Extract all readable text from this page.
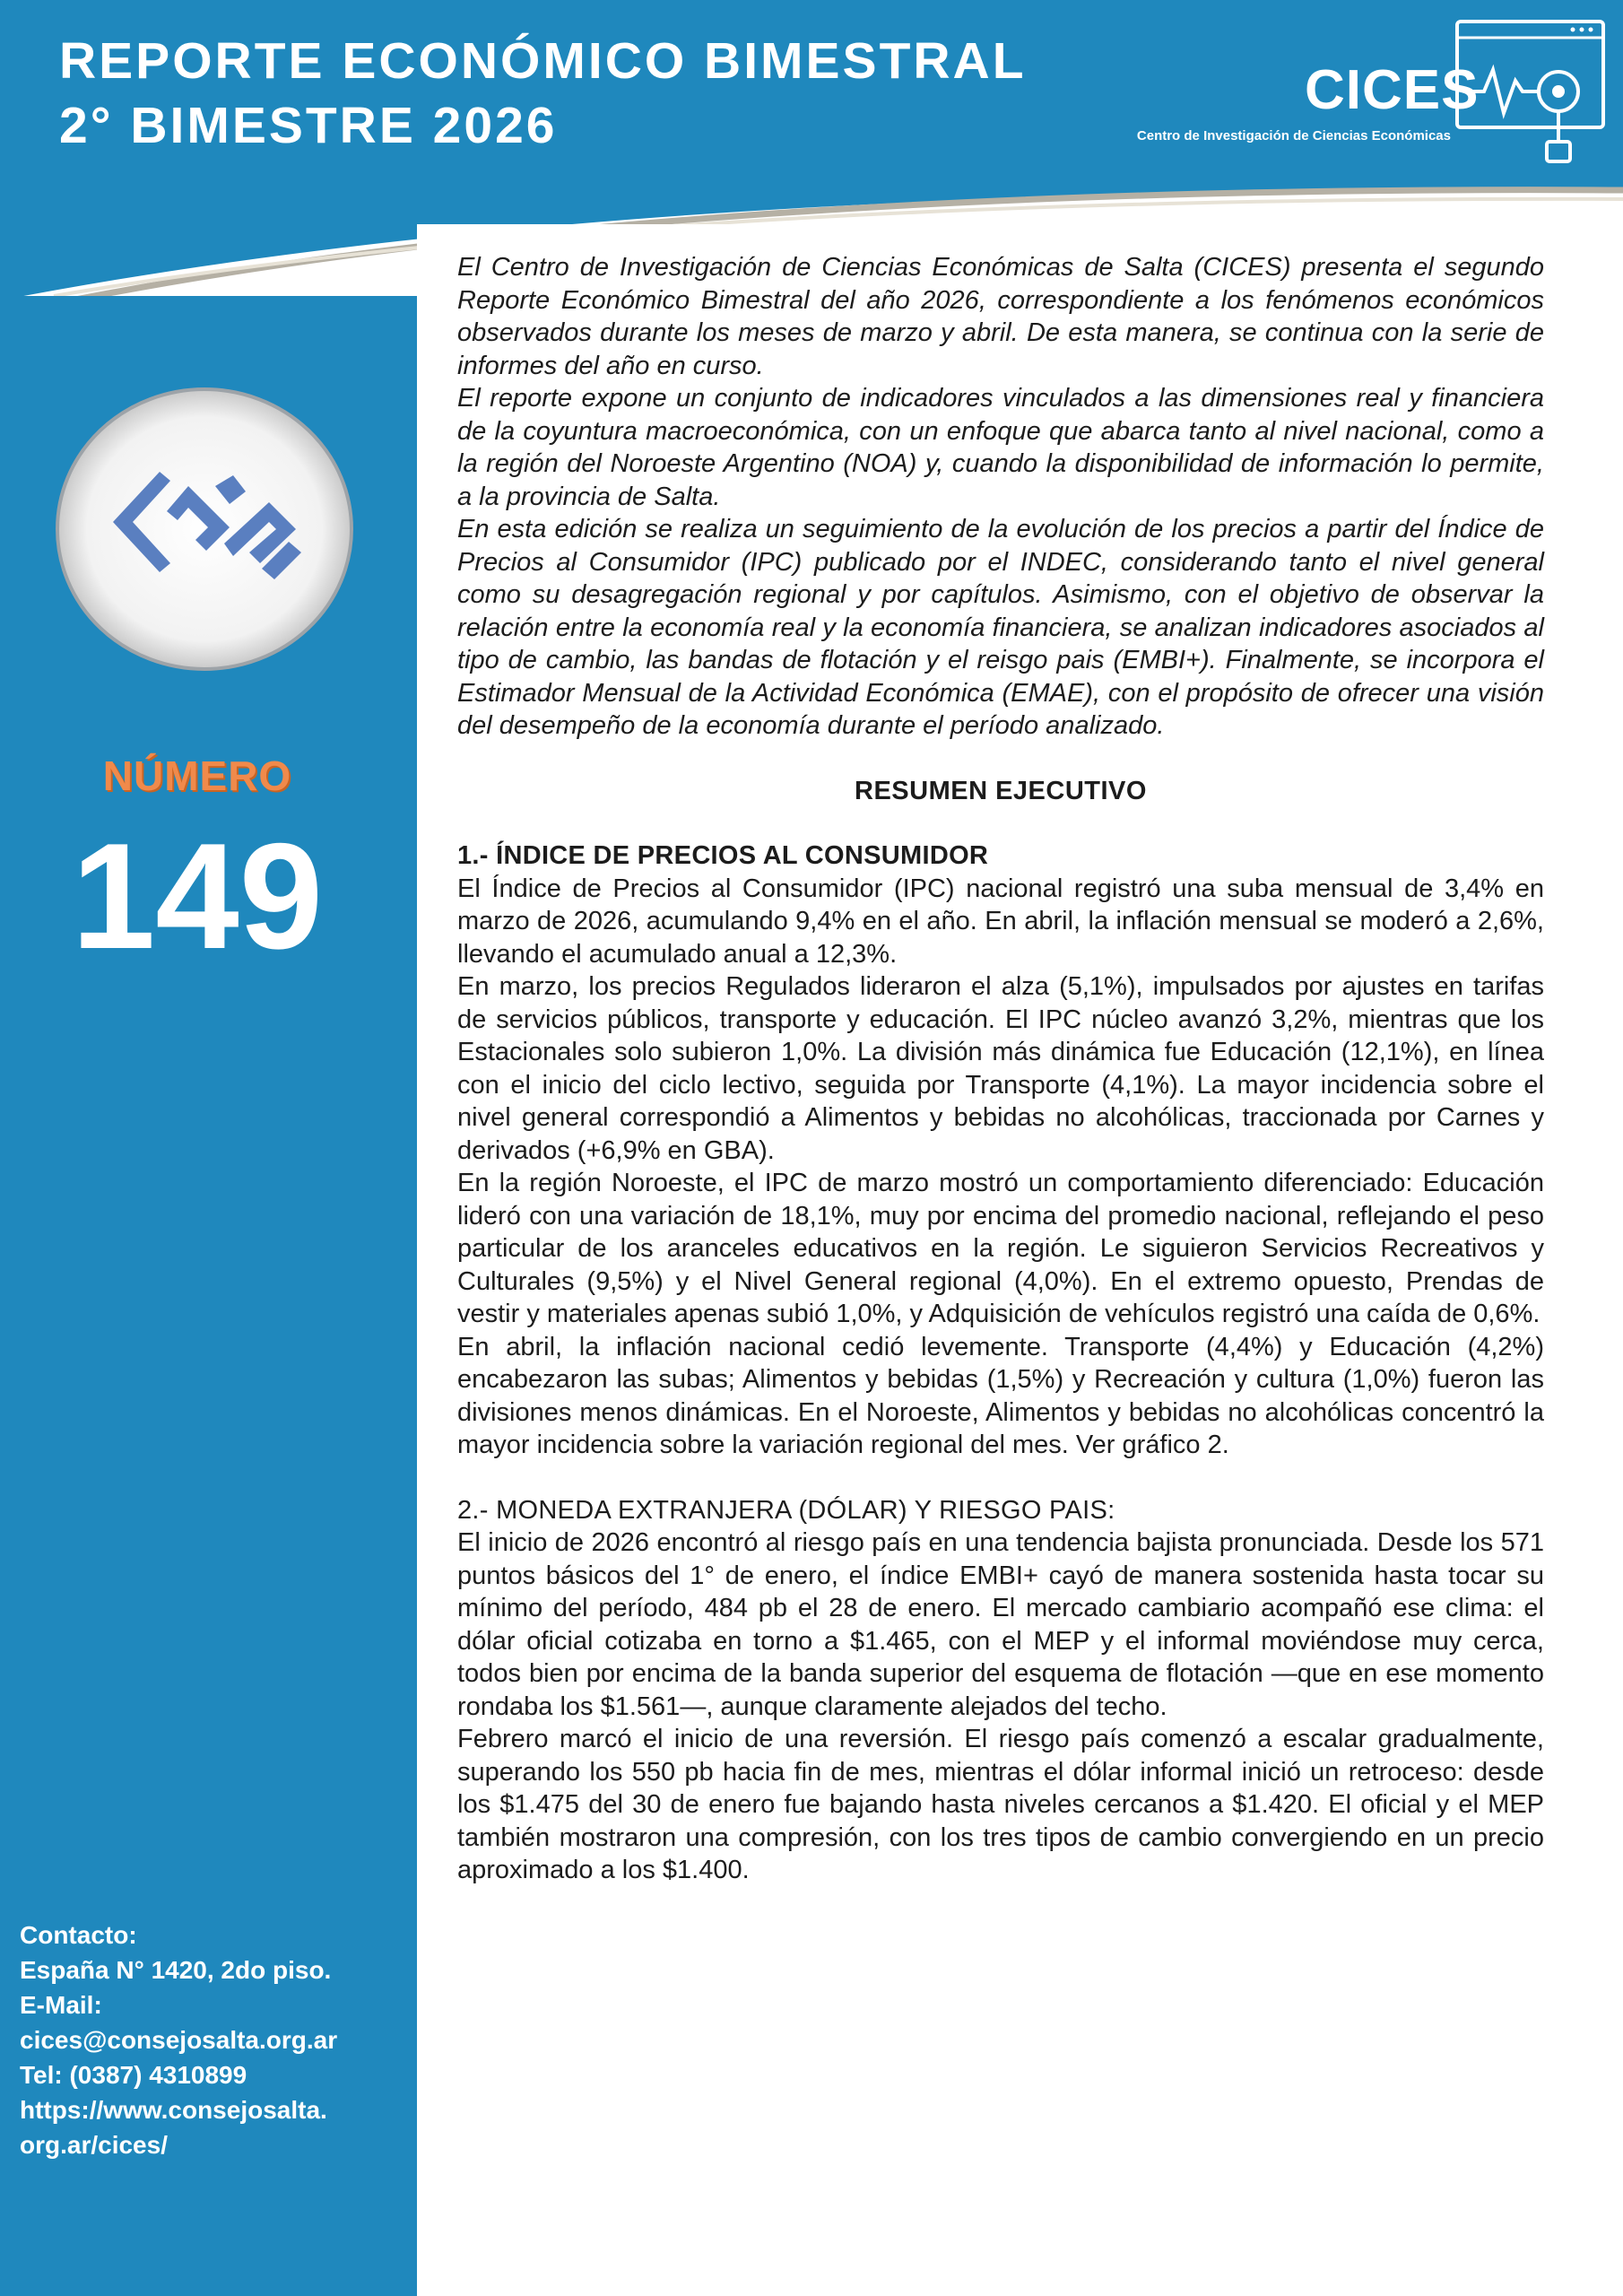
REPORTE ECONÓMICO BIMESTRAL
2° BIMESTRE 2026
CICES
Centro de Investigación de Ciencias Económicas
NÚMERO
149
Contacto:
España N° 1420, 2do piso.
E-Mail:
cices@consejosalta.org.ar
Tel: (0387) 4310899
https://www.consejosalta.
org.ar/cices/

El Centro de Investigación de Ciencias Económicas de Salta (CICES) presenta el segundo Reporte Económico Bimestral del año 2026, correspondiente a los fenómenos económicos observados durante los meses de marzo y abril. De esta manera, se continua con la serie de informes del año en curso.

El reporte expone un conjunto de indicadores vinculados a las dimensiones real y financiera de la coyuntura macroeconómica, con un enfoque que abarca tanto al nivel nacional, como a la región del Noroeste Argentino (NOA) y, cuando la disponibilidad de información lo permite, a la provincia de Salta.

En esta edición se realiza un seguimiento de la evolución de los precios a partir del Índice de Precios al Consumidor (IPC) publicado por el INDEC, considerando tanto el nivel general como su desagregación regional y por capítulos. Asimismo, con el objetivo de observar la relación entre la economía real y la economía financiera, se analizan indicadores asociados al tipo de cambio, las bandas de flotación y el reisgo pais (EMBI+). Finalmente, se incorpora el Estimador Mensual de la Actividad Económica (EMAE), con el propósito de ofrecer una visión del desempeño de la economía durante el período analizado.

RESUMEN EJECUTIVO
1.- ÍNDICE DE PRECIOS AL CONSUMIDOR

El Índice de Precios al Consumidor (IPC) nacional registró una suba mensual de 3,4% en marzo de 2026, acumulando 9,4% en el año. En abril, la inflación mensual se moderó a 2,6%, llevando el acumulado anual a 12,3%.

En marzo, los precios Regulados lideraron el alza (5,1%), impulsados por ajustes en tarifas de servicios públicos, transporte y educación. El IPC núcleo avanzó 3,2%, mientras que los Estacionales solo subieron 1,0%. La división más dinámica fue Educación (12,1%), en línea con el inicio del ciclo lectivo, seguida por Transporte (4,1%). La mayor incidencia sobre el nivel general correspondió a Alimentos y bebidas no alcohólicas, traccionada por Carnes y derivados (+6,9% en GBA).

En la región Noroeste, el IPC de marzo mostró un comportamiento diferenciado: Educación lideró con una variación de 18,1%, muy por encima del promedio nacional, reflejando el peso particular de los aranceles educativos en la región. Le siguieron Servicios Recreativos y Culturales (9,5%) y el Nivel General regional (4,0%). En el extremo opuesto, Prendas de vestir y materiales apenas subió 1,0%, y Adquisición de vehículos registró una caída de 0,6%.

En abril, la inflación nacional cedió levemente. Transporte (4,4%) y Educación (4,2%) encabezaron las subas; Alimentos y bebidas (1,5%) y Recreación y cultura (1,0%) fueron las divisiones menos dinámicas. En el Noroeste, Alimentos y bebidas no alcohólicas concentró la mayor incidencia sobre la variación regional del mes. Ver gráfico 2.

2.- MONEDA EXTRANJERA (DÓLAR) Y RIESGO PAIS:

El inicio de 2026 encontró al riesgo país en una tendencia bajista pronunciada. Desde los 571 puntos básicos del 1° de enero, el índice EMBI+ cayó de manera sostenida hasta tocar su mínimo del período, 484 pb el 28 de enero. El mercado cambiario acompañó ese clima: el dólar oficial cotizaba en torno a $1.465, con el MEP y el informal moviéndose muy cerca, todos bien por encima de la banda superior del esquema de flotación —que en ese momento rondaba los $1.561—, aunque claramente alejados del techo.

Febrero marcó el inicio de una reversión. El riesgo país comenzó a escalar gradualmente, superando los 550 pb hacia fin de mes, mientras el dólar informal inició un retroceso: desde los $1.475 del 30 de enero fue bajando hasta niveles cercanos a $1.420. El oficial y el MEP también mostraron una compresión, con los tres tipos de cambio convergiendo en un precio aproximado a los $1.400.
